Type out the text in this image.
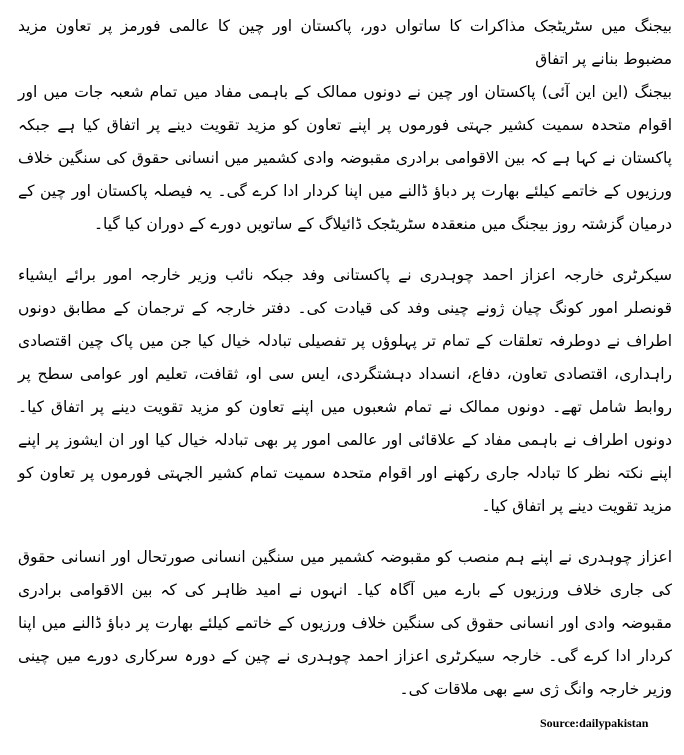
بیجنگ میں سٹریٹجک مذاکرات کا ساتواں دور، پاکستان اور چین کا عالمی فورمز پر تعاون مزید مضبوط بنانے پر اتفاق

بیجنگ (این این آئی) پاکستان اور چین نے دونوں ممالک کے باہمی مفاد میں تمام شعبہ جات میں اور اقوام متحدہ سمیت کشیر جہتی فورموں پر اپنے تعاون کو مزید تقویت دینے پر اتفاق کیا ہے جبکہ پاکستان نے کہا ہے کہ بین الاقوامی برادری مقبوضہ وادی کشمیر میں انسانی حقوق کی سنگین خلاف ورزیوں کے خاتمے کیلئے بھارت پر دباؤ ڈالنے میں اپنا کردار ادا کرے گی۔ یہ فیصلہ پاکستان اور چین کے درمیان گزشتہ روز بیجنگ میں منعقدہ سٹریٹجک ڈائیلاگ کے ساتویں دورے کے دوران کیا گیا۔

سیکرٹری خارجہ اعزاز احمد چوہدری نے پاکستانی وفد جبکہ نائب وزیر خارجہ امور برائے ایشیاء قونصلر امور کونگ چیان ژونے چینی وفد کی قیادت کی۔ دفتر خارجہ کے ترجمان کے مطابق دونوں اطراف نے دوطرفہ تعلقات کے تمام تر پہلوؤں پر تفصیلی تبادلہ خیال کیا جن میں پاک چین اقتصادی راہداری، اقتصادی تعاون، دفاع، انسداد دہشتگردی، ایس سی او، ثقافت، تعلیم اور عوامی سطح پر روابط شامل تھے۔ دونوں ممالک نے تمام شعبوں میں اپنے تعاون کو مزید تقویت دینے پر اتفاق کیا۔ دونوں اطراف نے باہمی مفاد کے علاقائی اور عالمی امور پر بھی تبادلہ خیال کیا اور ان ایشوز پر اپنے اپنے نکتہ نظر کا تبادلہ جاری رکھنے اور اقوام متحدہ سمیت تمام کشیر الجہتی فورموں پر تعاون کو مزید تقویت دینے پر اتفاق کیا۔

اعزاز چوہدری نے اپنے ہم منصب کو مقبوضہ کشمیر میں سنگین انسانی صورتحال اور انسانی حقوق کی جاری خلاف ورزیوں کے بارے میں آگاہ کیا۔ انہوں نے امید ظاہر کی کہ بین الاقوامی برادری مقبوضہ وادی اور انسانی حقوق کی سنگین خلاف ورزیوں کے خاتمے کیلئے بھارت پر دباؤ ڈالنے میں اپنا کردار ادا کرے گی۔ خارجہ سیکرٹری اعزاز احمد چوہدری نے چین کے دورہ سرکاری دورے میں چینی وزیر خارجہ وانگ ژی سے بھی ملاقات کی۔

Source:dailypakistan
